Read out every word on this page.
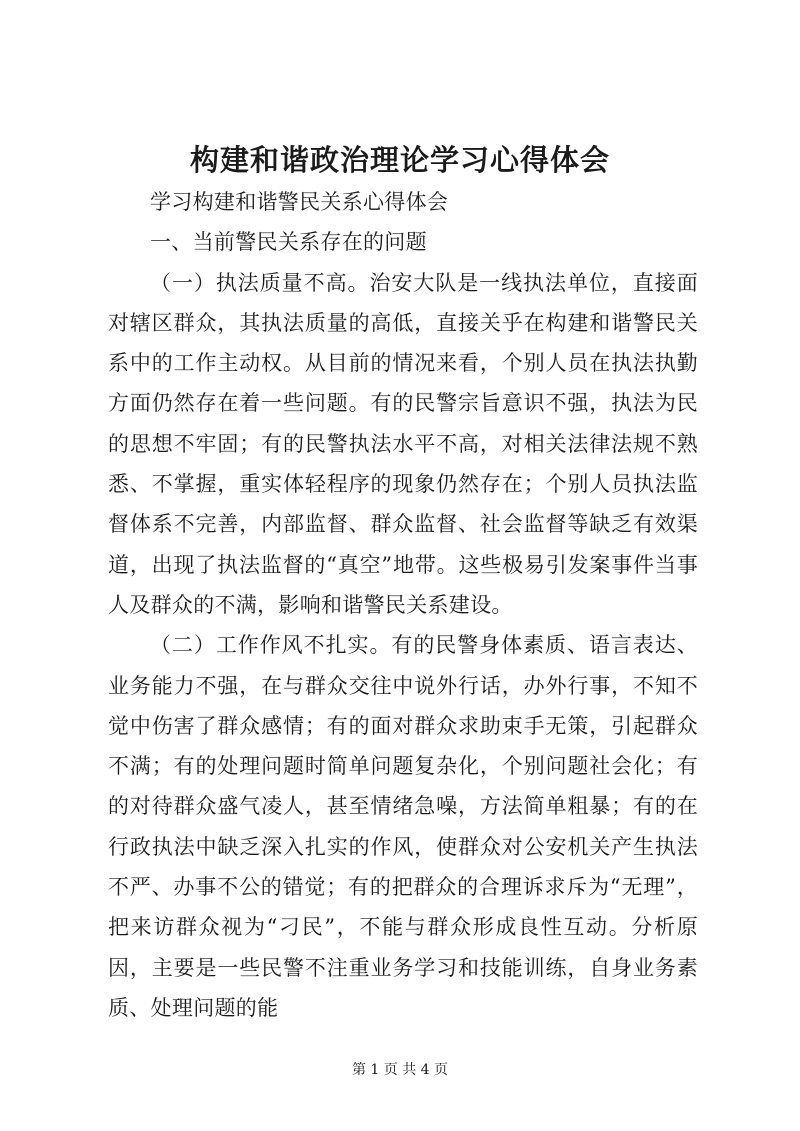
构建和谐政治理论学习心得体会

学习构建和谐警民关系心得体会

一、当前警民关系存在的问题

（一）执法质量不高。治安大队是一线执法单位，直接面对辖区群众，其执法质量的高低，直接关乎在构建和谐警民关系中的工作主动权。从目前的情况来看，个别人员在执法执勤方面仍然存在着一些问题。有的民警宗旨意识不强，执法为民的思想不牢固；有的民警执法水平不高，对相关法律法规不熟悉、不掌握，重实体轻程序的现象仍然存在；个别人员执法监督体系不完善，内部监督、群众监督、社会监督等缺乏有效渠道，出现了执法监督的“真空”地带。这些极易引发案事件当事人及群众的不满，影响和谐警民关系建设。

（二）工作作风不扎实。有的民警身体素质、语言表达、业务能力不强，在与群众交往中说外行话，办外行事，不知不觉中伤害了群众感情；有的面对群众求助束手无策，引起群众不满；有的处理问题时简单问题复杂化，个别问题社会化；有的对待群众盛气凌人，甚至情绪急噪，方法简单粗暴；有的在行政执法中缺乏深入扎实的作风，使群众对公安机关产生执法不严、办事不公的错觉；有的把群众的合理诉求斥为“无理”，把来访群众视为“刁民”，不能与群众形成良性互动。分析原因，主要是一些民警不注重业务学习和技能训练，自身业务素质、处理问题的能

第 1 页 共 4 页
